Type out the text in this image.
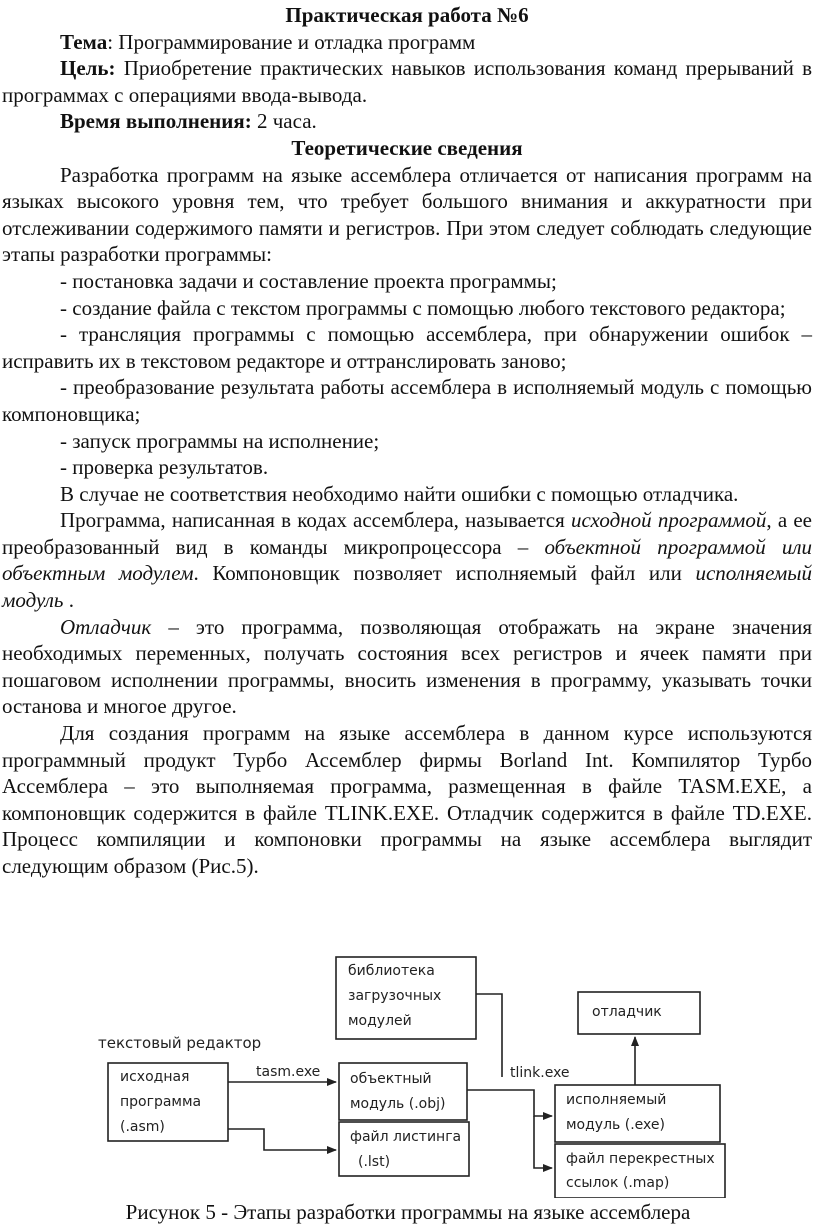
Практическая работа №6

Тема: Программирование и отладка программ

Цель: Приобретение практических навыков использования команд прерываний в программах с операциями ввода-вывода.

Время выполнения: 2 часа.

Теоретические сведения

Разработка программ на языке ассемблера отличается от написания программ на языках высокого уровня тем, что требует большого внимания и аккуратности при отслеживании содержимого памяти и регистров. При этом следует соблюдать следующие этапы разработки программы:

- постановка задачи и составление проекта программы;

- создание файла с текстом программы с помощью любого текстового редактора;

- трансляция программы с помощью ассемблера, при обнаружении ошибок – исправить их в текстовом редакторе и оттранслировать заново;

- преобразование результата работы ассемблера в исполняемый модуль с помощью компоновщика;

- запуск программы на исполнение;

- проверка результатов.

В случае не соответствия необходимо найти ошибки с помощью отладчика.

Программа, написанная в кодах ассемблера, называется исходной программой, а ее преобразованный вид в команды микропроцессора – объектной программой или объектным модулем. Компоновщик позволяет исполняемый файл или исполняемый модуль .

Отладчик – это программа, позволяющая отображать на экране значения необходимых переменных, получать состояния всех регистров и ячеек памяти при пошаговом исполнении программы, вносить изменения в программу, указывать точки останова и многое другое.

Для создания программ на языке ассемблера в данном курсе используются программный продукт Турбо Ассемблер фирмы Borland Int. Компилятор Турбо Ассемблера – это выполняемая программа, размещенная в файле TASM.EXE, а компоновщик содержится в файле TLINK.EXE. Отладчик содержится в файле TD.EXE. Процесс компиляции и компоновки программы на языке ассемблера выглядит следующим образом (Рис.5).

текстовый редактор
исходная
программа
(.asm)
библиотека
загрузочных
модулей
объектный
модуль (.obj)
файл листинга
(.lst)
исполняемый
модуль (.exe)
отладчик
файл перекрестных
ссылок (.map)
tasm.exe	tlink.exe
Рисунок 5 - Этапы разработки программы на языке ассемблера
